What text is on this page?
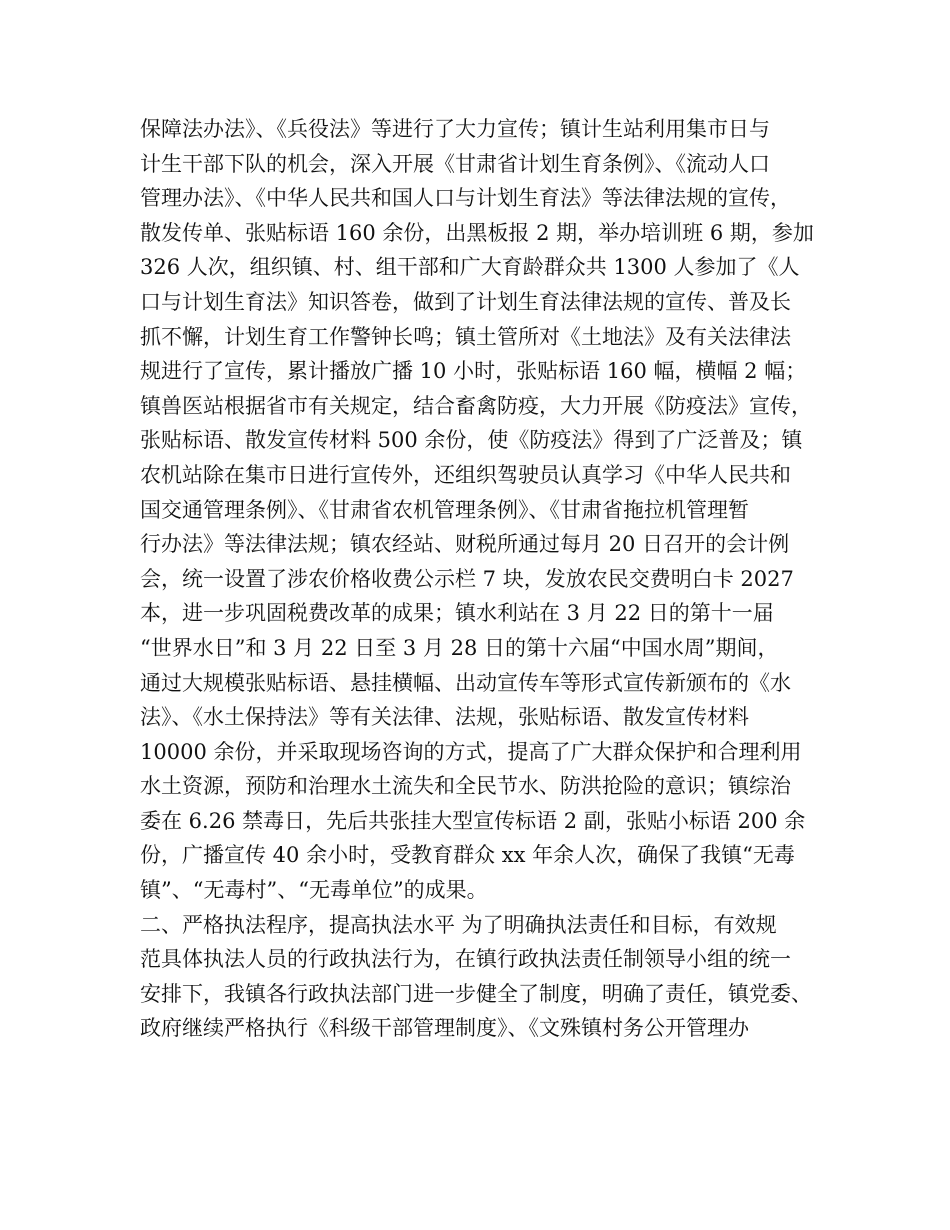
保障法办法》、《兵役法》等进行了大力宣传；镇计生站利用集市日与
计生干部下队的机会，深入开展《甘肃省计划生育条例》、《流动人口
管理办法》、《中华人民共和国人口与计划生育法》等法律法规的宣传，
散发传单、张贴标语 160 余份，出黑板报 2 期，举办培训班 6 期，参加
326 人次，组织镇、村、组干部和广大育龄群众共 1300 人参加了《人
口与计划生育法》知识答卷，做到了计划生育法律法规的宣传、普及长
抓不懈，计划生育工作警钟长鸣；镇土管所对《土地法》及有关法律法
规进行了宣传，累计播放广播 10 小时，张贴标语 160 幅，横幅 2 幅；
镇兽医站根据省市有关规定，结合畜禽防疫，大力开展《防疫法》宣传，
张贴标语、散发宣传材料 500 余份，使《防疫法》得到了广泛普及；镇
农机站除在集市日进行宣传外，还组织驾驶员认真学习《中华人民共和
国交通管理条例》、《甘肃省农机管理条例》、《甘肃省拖拉机管理暂
行办法》等法律法规；镇农经站、财税所通过每月 20 日召开的会计例
会，统一设置了涉农价格收费公示栏 7 块，发放农民交费明白卡 2027
本，进一步巩固税费改革的成果；镇水利站在 3 月 22 日的第十一届
“世界水日”和 3 月 22 日至 3 月 28 日的第十六届“中国水周”期间，
通过大规模张贴标语、悬挂横幅、出动宣传车等形式宣传新颁布的《水
法》、《水土保持法》等有关法律、法规，张贴标语、散发宣传材料
10000 余份，并采取现场咨询的方式，提高了广大群众保护和合理利用
水土资源，预防和治理水土流失和全民节水、防洪抢险的意识；镇综治
委在 6.26 禁毒日，先后共张挂大型宣传标语 2 副，张贴小标语 200 余
份，广播宣传 40 余小时，受教育群众 xx 年余人次，确保了我镇“无毒
镇”、“无毒村”、“无毒单位”的成果。
二、严格执法程序，提高执法水平 为了明确执法责任和目标，有效规
范具体执法人员的行政执法行为，在镇行政执法责任制领导小组的统一
安排下，我镇各行政执法部门进一步健全了制度，明确了责任，镇党委、
政府继续严格执行《科级干部管理制度》、《文殊镇村务公开管理办
